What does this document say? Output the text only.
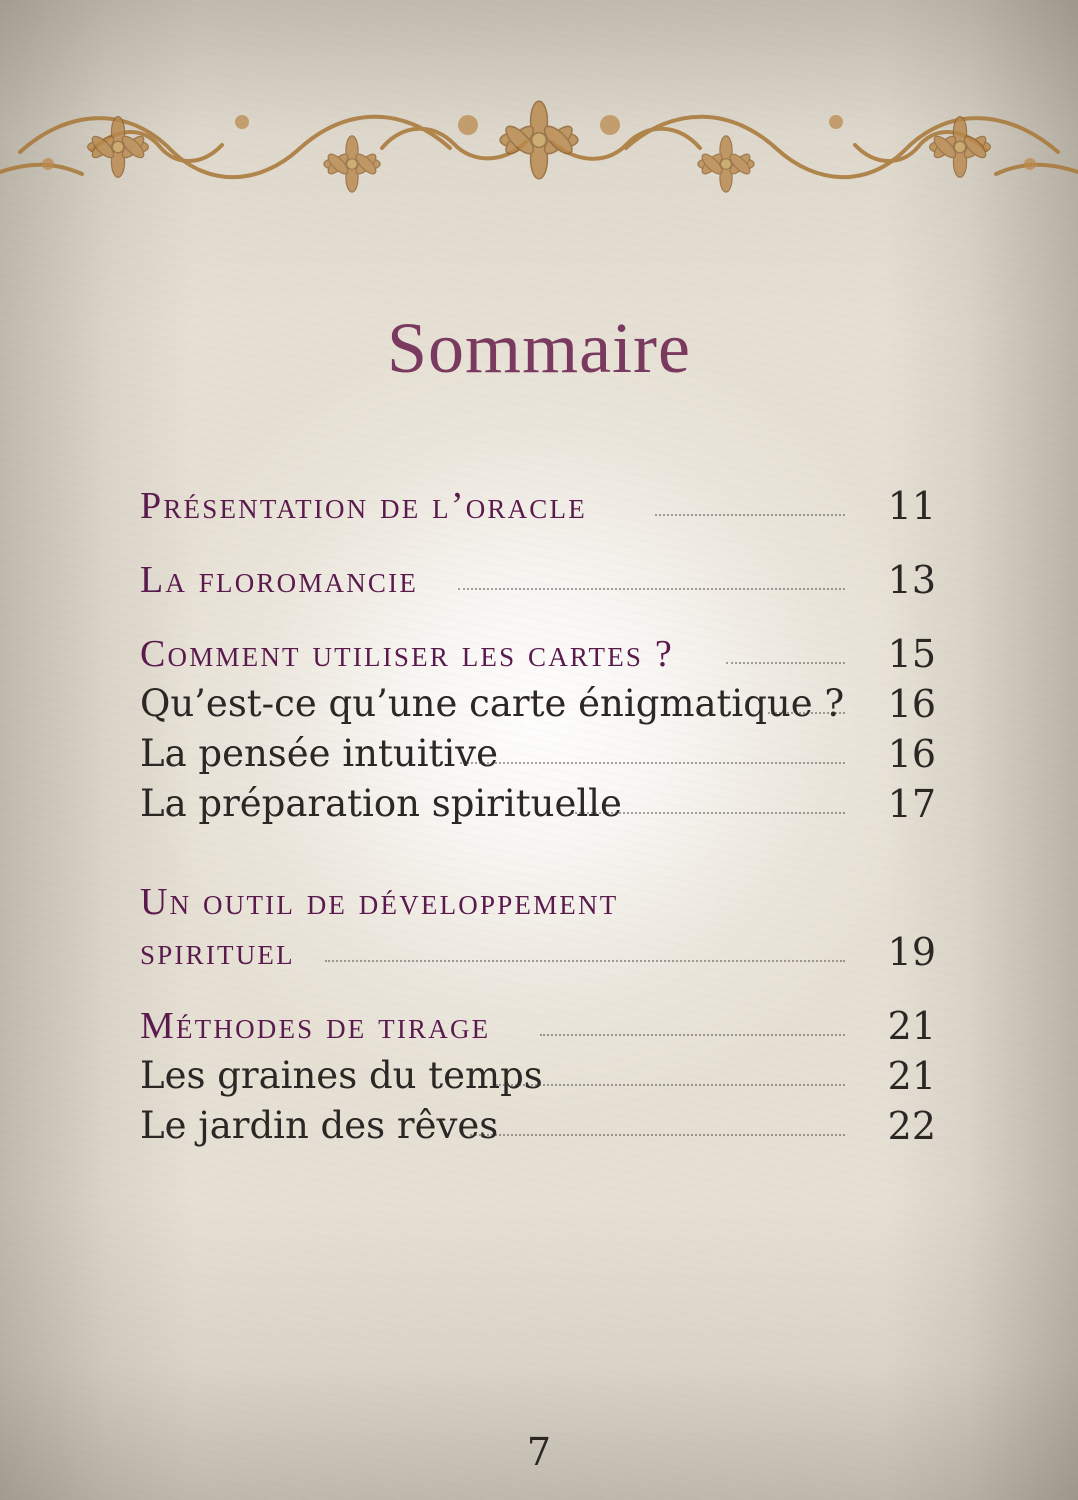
Sommaire
Présentation de l’oracle	11
La floromancie	13
Comment utiliser les cartes ?	15
Qu’est-ce qu’une carte énigmatique ? 16
La pensée intuitive	16
La préparation spirituelle	17
Un outil de développement
spirituel	19
Méthodes de tirage	21
Les graines du temps	21
Le jardin des rêves	22
7
